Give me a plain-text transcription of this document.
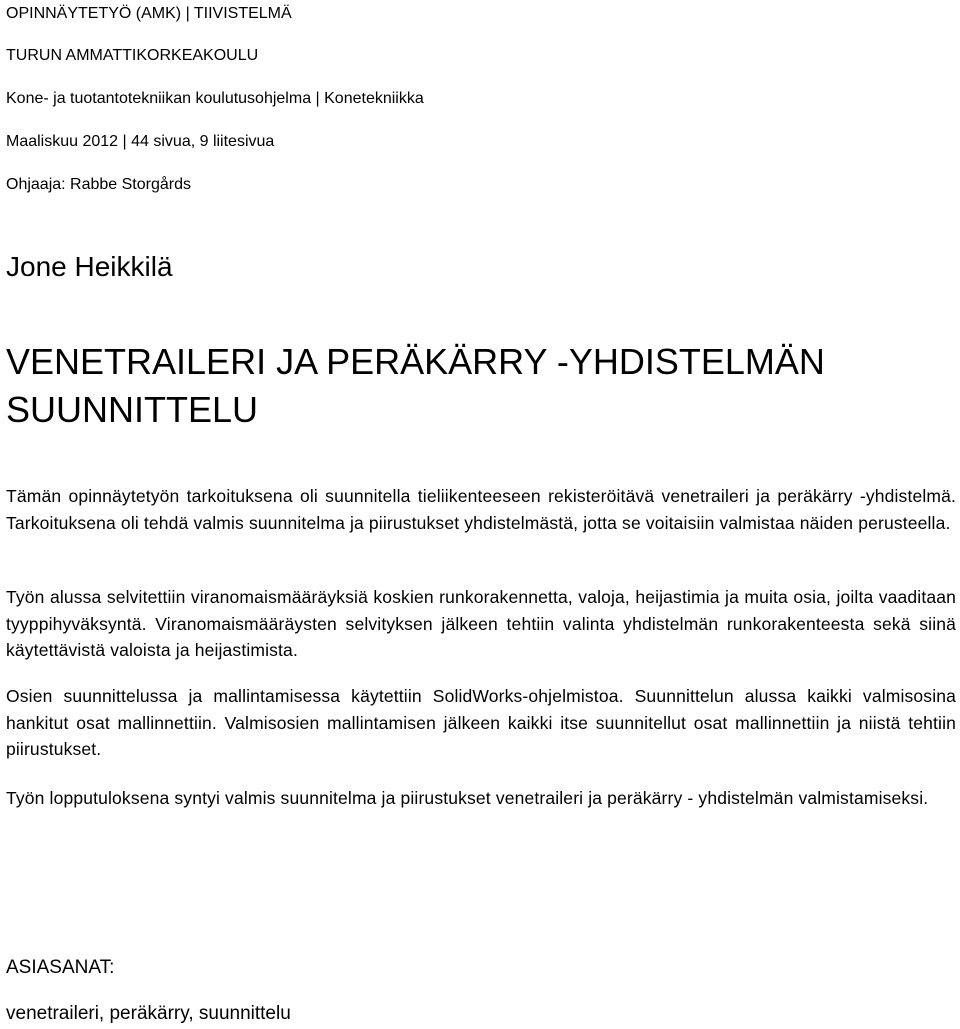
OPINNÄYTETYÖ (AMK) | TIIVISTELMÄ
TURUN AMMATTIKORKEAKOULU
Kone- ja tuotantotekniikan koulutusohjelma | Konetekniikka
Maaliskuu 2012 | 44 sivua, 9 liitesivua
Ohjaaja: Rabbe Storgårds
Jone Heikkilä
VENETRAILERI JA PERÄKÄRRY -YHDISTELMÄN SUUNNITTELU
Tämän opinnäytetyön tarkoituksena oli suunnitella tieliikenteeseen rekisteröitävä venetraileri ja peräkärry -yhdistelmä. Tarkoituksena oli tehdä valmis suunnitelma ja piirustukset yhdistelmästä, jotta se voitaisiin valmistaa näiden perusteella.
Työn alussa selvitettiin viranomaismääräyksiä koskien runkorakennetta, valoja, heijastimia ja muita osia, joilta vaaditaan tyyppihyväksyntä. Viranomaismääräysten selvityksen jälkeen tehtiin valinta yhdistelmän runkorakenteesta sekä siinä käytettävistä valoista ja heijastimista.
Osien suunnittelussa ja mallintamisessa käytettiin SolidWorks-ohjelmistoa. Suunnittelun alussa kaikki valmisosina hankitut osat mallinnettiin. Valmisosien mallintamisen jälkeen kaikki itse suunnitellut osat mallinnettiin ja niistä tehtiin piirustukset.
Työn lopputuloksena syntyi valmis suunnitelma ja piirustukset venetraileri ja peräkärry - yhdistelmän valmistamiseksi.
ASIASANAT:
venetraileri, peräkärry, suunnittelu
